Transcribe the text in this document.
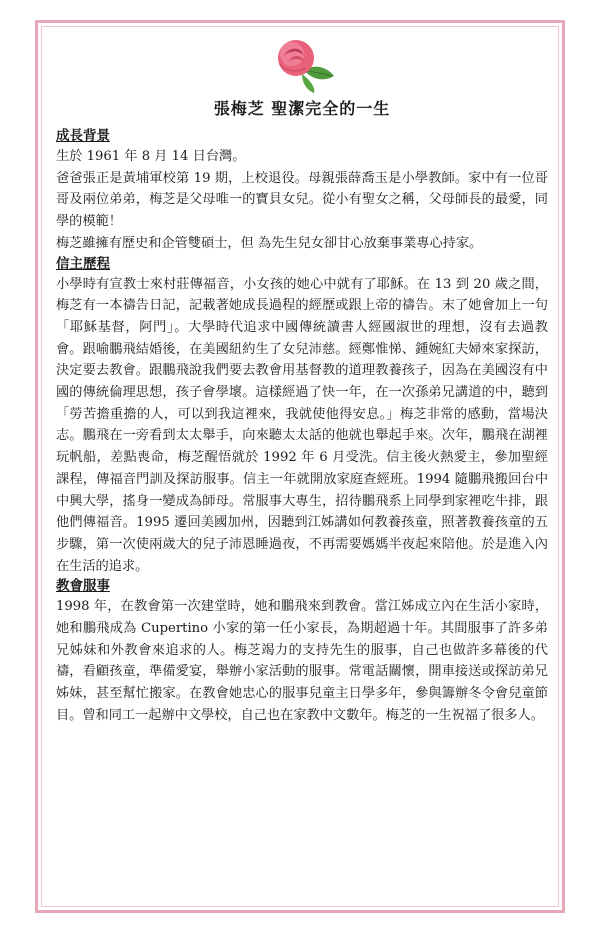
張梅芝 聖潔完全的一生
成長背景

生於 1961 年 8 月 14 日台灣。

爸爸張正是黃埔軍校第 19 期，上校退役。母親張薛喬玉是小學教師。家中有一位哥哥及兩位弟弟，梅芝是父母唯一的寶貝女兒。從小有聖女之稱，父母師長的最愛，同學的模範！

梅芝雖擁有歷史和企管雙碩士，但 為先生兒女卻甘心放棄事業專心持家。

信主歷程

小學時有宣教士來村莊傳福音，小女孩的她心中就有了耶穌。在 13 到 20 歲之間，梅芝有一本禱告日記，記載著她成長過程的經歷或跟上帝的禱告。末了她會加上一句「耶穌基督，阿門」。大學時代追求中國傳統讀書人經國淑世的理想，沒有去過教會。跟喻鵬飛結婚後，在美國紐約生了女兒沛慈。經鄭惟悌、鍾婉紅夫婦來家探訪，決定要去教會。跟鵬飛說我們要去教會用基督教的道理教養孩子，因為在美國沒有中國的傳統倫理思想，孩子會學壞。這樣經過了快一年，在一次孫弟兄講道的中，聽到「勞苦擔重擔的人，可以到我這裡來，我就使他得安息。」梅芝非常的感動，當場決志。鵬飛在一旁看到太太舉手，向來聽太太話的他就也舉起手來。次年，鵬飛在湖裡玩帆船，差點喪命，梅芝醒悟就於 1992 年 6 月受洗。信主後火熱愛主，參加聖經課程，傳福音門訓及探訪服事。信主一年就開放家庭查經班。1994 隨鵬飛搬回台中中興大學，搖身一變成為師母。常服事大專生，招待鵬飛系上同學到家裡吃牛排，跟他們傳福音。1995 遷回美國加州，因聽到江姊講如何教養孩童，照著教養孩童的五步驟，第一次使兩歲大的兒子沛恩睡過夜，不再需要媽媽半夜起來陪他。於是進入內在生活的追求。

教會服事

1998 年，在教會第一次建堂時，她和鵬飛來到教會。當江姊成立內在生活小家時，她和鵬飛成為 Cupertino 小家的第一任小家長，為期超過十年。其間服事了許多弟兄姊妹和外教會來追求的人。梅芝竭力的支持先生的服事，自己也做許多幕後的代禱，看顧孩童，準備愛宴，舉辦小家活動的服事。常電話關懷，開車接送或探訪弟兄姊妹，甚至幫忙搬家。在教會她忠心的服事兒童主日學多年，參與籌辦冬令會兒童節目。曾和同工一起辦中文學校，自己也在家教中文數年。梅芝的一生祝福了很多人。
